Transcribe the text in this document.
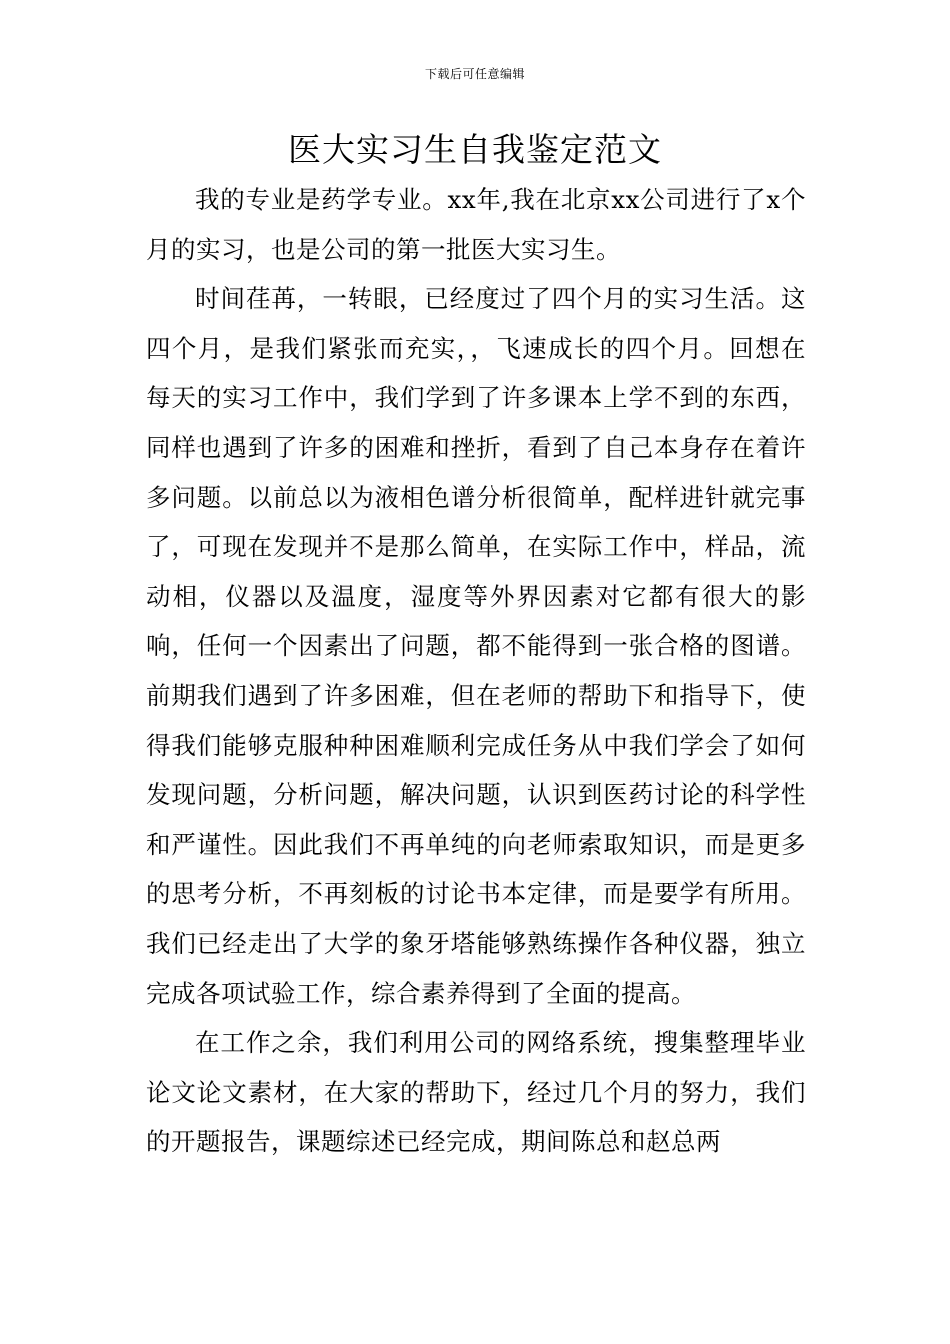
下载后可任意编辑
医大实习生自我鉴定范文

我的专业是药学专业。xx年,我在北京xx公司进行了x个月的实习，也是公司的第一批医大实习生。

时间荏苒，一转眼，已经度过了四个月的实习生活。这四个月，是我们紧张而充实，，飞速成长的四个月。回想在每天的实习工作中，我们学到了许多课本上学不到的东西，同样也遇到了许多的困难和挫折，看到了自己本身存在着许多问题。以前总以为液相色谱分析很简单，配样进针就完事了，可现在发现并不是那么简单，在实际工作中，样品，流动相，仪器以及温度，湿度等外界因素对它都有很大的影响，任何一个因素出了问题，都不能得到一张合格的图谱。前期我们遇到了许多困难，但在老师的帮助下和指导下，使得我们能够克服种种困难顺利完成任务从中我们学会了如何发现问题，分析问题，解决问题，认识到医药讨论的科学性和严谨性。因此我们不再单纯的向老师索取知识，而是更多的思考分析，不再刻板的讨论书本定律，而是要学有所用。我们已经走出了大学的象牙塔能够熟练操作各种仪器，独立完成各项试验工作，综合素养得到了全面的提高。

在工作之余，我们利用公司的网络系统，搜集整理毕业论文论文素材，在大家的帮助下，经过几个月的努力，我们的开题报告，课题综述已经完成，期间陈总和赵总两
